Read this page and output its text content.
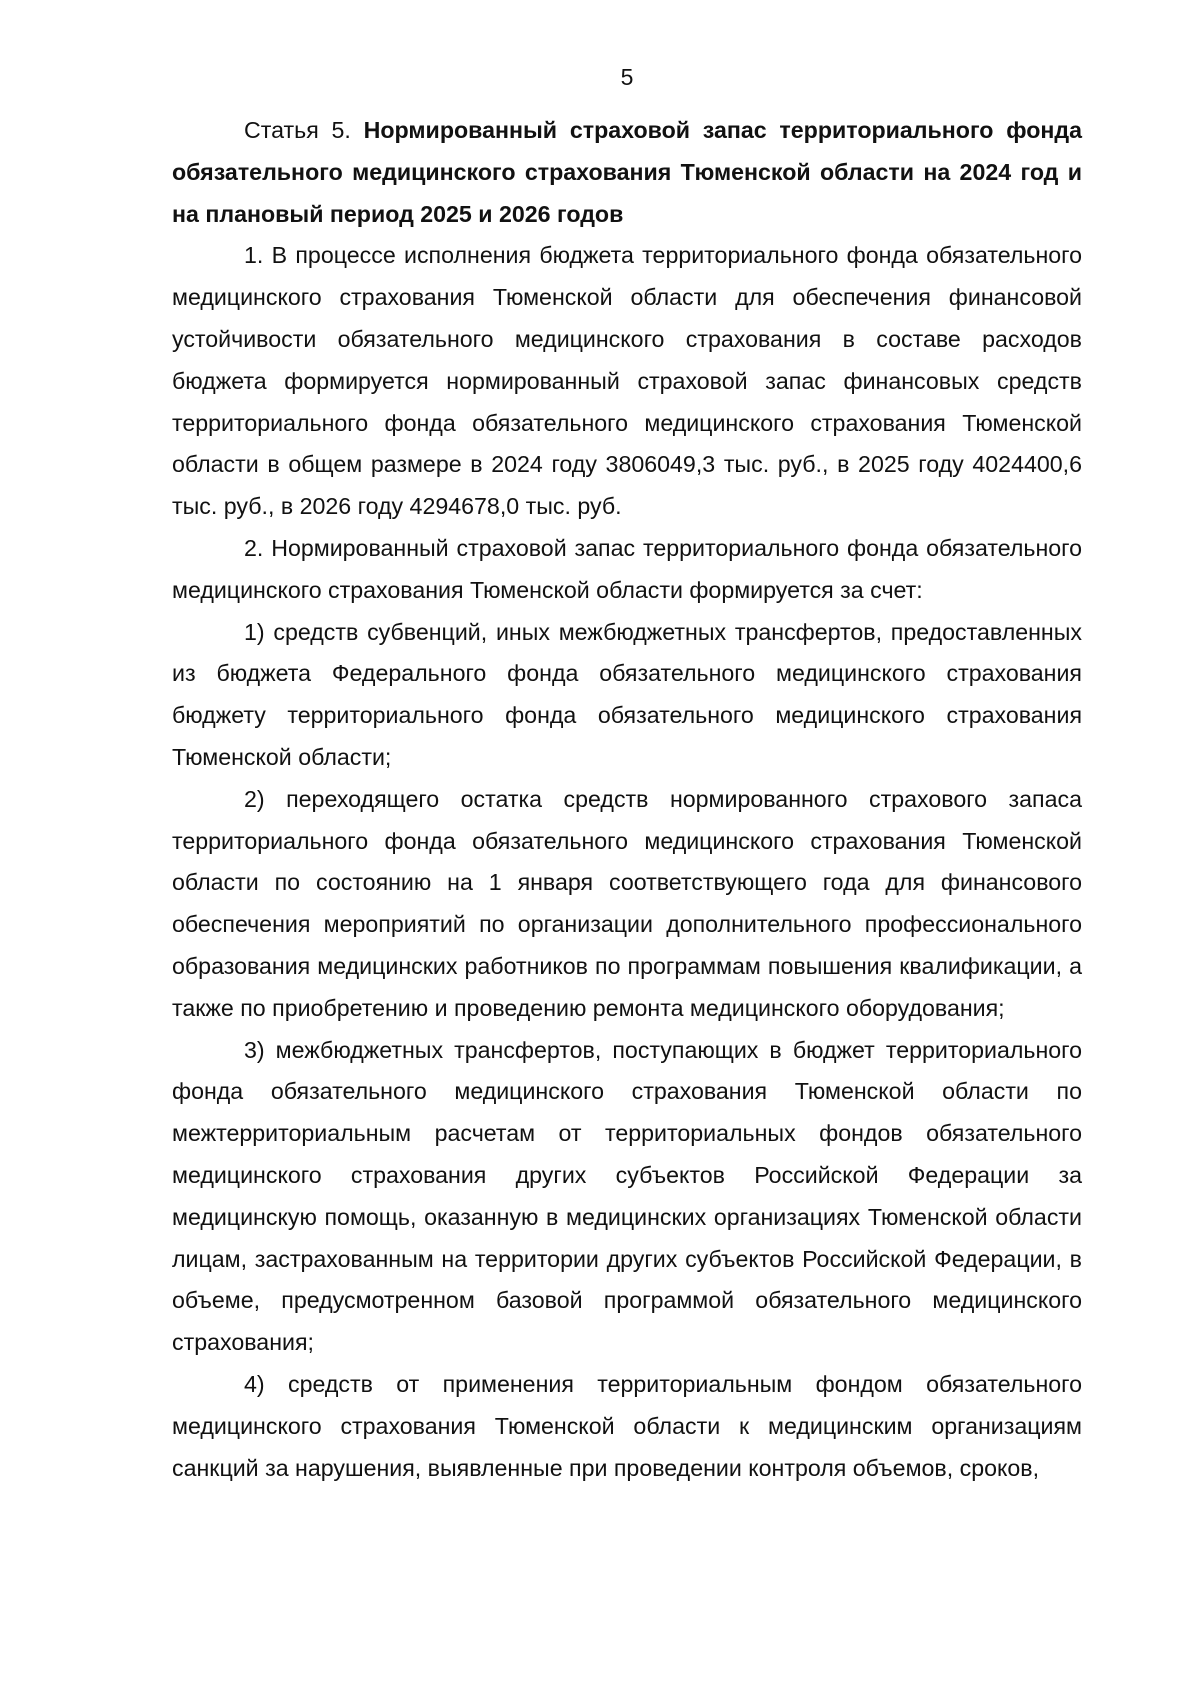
5

Статья 5. Нормированный страховой запас территориального фонда обязательного медицинского страхования Тюменской области на 2024 год и на плановый период 2025 и 2026 годов

1. В процессе исполнения бюджета территориального фонда обязательного медицинского страхования Тюменской области для обеспечения финансовой устойчивости обязательного медицинского страхования в составе расходов бюджета формируется нормированный страховой запас финансовых средств территориального фонда обязательного медицинского страхования Тюменской области в общем размере в 2024 году 3806049,3 тыс. руб., в 2025 году 4024400,6 тыс. руб., в 2026 году 4294678,0 тыс. руб.

2. Нормированный страховой запас территориального фонда обязательного медицинского страхования Тюменской области формируется за счет:

1) средств субвенций, иных межбюджетных трансфертов, предоставленных из бюджета Федерального фонда обязательного медицинского страхования бюджету территориального фонда обязательного медицинского страхования Тюменской области;

2) переходящего остатка средств нормированного страхового запаса территориального фонда обязательного медицинского страхования Тюменской области по состоянию на 1 января соответствующего года для финансового обеспечения мероприятий по организации дополнительного профессионального образования медицинских работников по программам повышения квалификации, а также по приобретению и проведению ремонта медицинского оборудования;

3) межбюджетных трансфертов, поступающих в бюджет территориального фонда обязательного медицинского страхования Тюменской области по межтерриториальным расчетам от территориальных фондов обязательного медицинского страхования других субъектов Российской Федерации за медицинскую помощь, оказанную в медицинских организациях Тюменской области лицам, застрахованным на территории других субъектов Российской Федерации, в объеме, предусмотренном базовой программой обязательного медицинского страхования;

4) средств от применения территориальным фондом обязательного медицинского страхования Тюменской области к медицинским организациям санкций за нарушения, выявленные при проведении контроля объемов, сроков,
